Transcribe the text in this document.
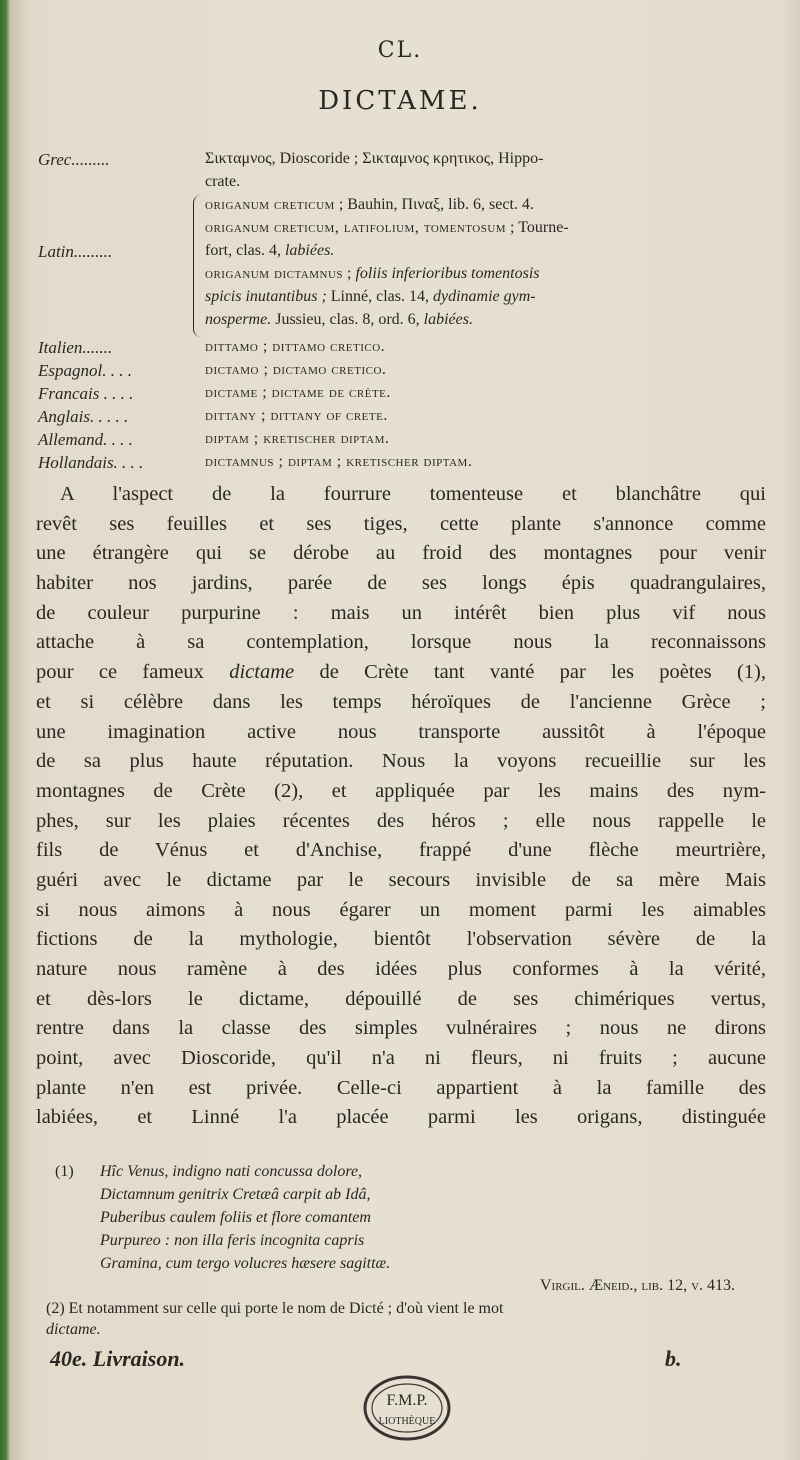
CL.
DICTAME.
Grec.........	Σικταμνος, Dioscoride ; Σικταμνος κρητικος, Hippo-
crate.
origanum creticum ; Bauhin, Πιναξ, lib. 6, sect. 4.
origanum creticum, latifolium, tomentosum ; Tourne-
Latin.........	fort, clas. 4, labiées.
origanum dictamnus ; foliis inferioribus tomentosis
spicis inutantibus ; Linné, clas. 14, dydinamie gym-
nosperme. Jussieu, clas. 8, ord. 6, labiées.
Italien.......	dittamo ; dittamo cretico.
Espagnol. . . .	dictamo ; dictamo cretico.
Francais . . . .	dictame ; dictame de crète.
Anglais. . . . .	dittany ; dittany of crete.
Allemand. . . .	diptam ; kretischer diptam.
Hollandais. . . .	dictamnus ; diptam ; kretischer diptam.
A l'aspect de la fourrure tomenteuse et blanchâtre qui
revêt ses feuilles et ses tiges, cette plante s'annonce comme
une étrangère qui se dérobe au froid des montagnes pour venir
habiter nos jardins, parée de ses longs épis quadrangulaires,
de couleur purpurine : mais un intérêt bien plus vif nous
attache à sa contemplation, lorsque nous la reconnaissons
pour ce fameux dictame de Crète tant vanté par les poètes (1),
et si célèbre dans les temps héroïques de l'ancienne Grèce ;
une imagination active nous transporte aussitôt à l'époque
de sa plus haute réputation. Nous la voyons recueillie sur les
montagnes de Crète (2), et appliquée par les mains des nym-
phes, sur les plaies récentes des héros ; elle nous rappelle le
fils de Vénus et d'Anchise, frappé d'une flèche meurtrière,
guéri avec le dictame par le secours invisible de sa mère Mais
si nous aimons à nous égarer un moment parmi les aimables
fictions de la mythologie, bientôt l'observation sévère de la
nature nous ramène à des idées plus conformes à la vérité,
et dès-lors le dictame, dépouillé de ses chimériques vertus,
rentre dans la classe des simples vulnéraires ; nous ne dirons
point, avec Dioscoride, qu'il n'a ni fleurs, ni fruits ; aucune
plante n'en est privée. Celle-ci appartient à la famille des
labiées, et Linné l'a placée parmi les origans, distinguée
(1) Hîc Venus, indigno nati concussa dolore,
Dictamnum genitrix Cretæâ carpit ab Idâ,
Puberibus caulem foliis et flore comantem
Purpureo : non illa feris incognita capris
Gramina, cum tergo volucres hæsere sagittæ.
Virgil. Æneid., lib. 12, v. 413.
(2) Et notamment sur celle qui porte le nom de Dicté ; d'où vient le mot
dictame.
40e. Livraison.	b.
F.M.P.
LIOTHÈQUE
